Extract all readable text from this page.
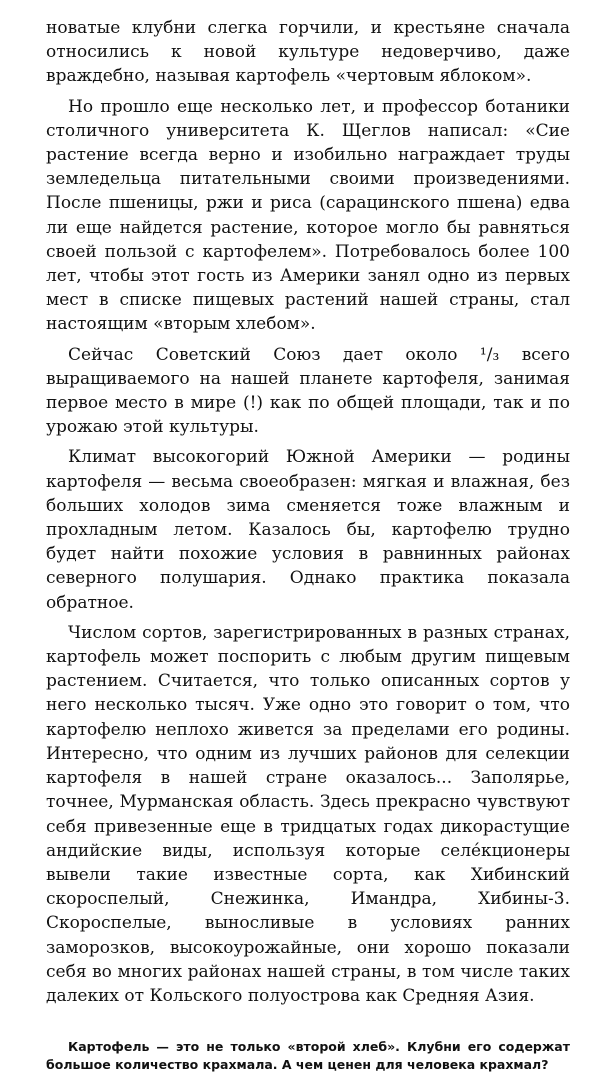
новатые клубни слегка горчили, и крестьяне сначала относились к новой культуре недоверчиво, даже враждебно, называя картофель «чертовым яблоком».

Но прошло еще несколько лет, и профессор ботаники столичного университета К. Щеглов написал: «Сие растение всегда верно и изобильно награждает труды земледельца питательными своими произведениями. После пшеницы, ржи и риса (сарацинского пшена) едва ли еще найдется растение, которое могло бы равняться своей пользой с картофелем». Потребовалось более 100 лет, чтобы этот гость из Америки занял одно из первых мест в списке пищевых растений нашей страны, стал настоящим «вторым хлебом».

Сейчас Советский Союз дает около ¹/₃ всего выращиваемого на нашей планете картофеля, занимая первое место в мире (!) как по общей площади, так и по урожаю этой культуры.

Климат высокогорий Южной Америки — родины картофеля — весьма своеобразен: мягкая и влажная, без больших холодов зима сменяется тоже влажным и прохладным летом. Казалось бы, картофелю трудно будет найти похожие условия в равнинных районах северного полушария. Однако практика показала обратное.

Числом сортов, зарегистрированных в разных странах, картофель может поспорить с любым другим пищевым растением. Считается, что только описанных сортов у него несколько тысяч. Уже одно это говорит о том, что картофелю неплохо живется за пределами его родины. Интересно, что одним из лучших районов для селекции картофеля в нашей стране оказалось... Заполярье, точнее, Мурманская область. Здесь прекрасно чувствуют себя привезенные еще в тридцатых годах дикорастущие андийские виды, используя которые селе́кционеры вывели такие известные сорта, как Хибинский скороспелый, Снежинка, Имандра, Хибины-3. Скороспелые, выносливые в условиях ранних заморозков, высокоурожайные, они хорошо показали себя во многих районах нашей страны, в том числе таких далеких от Кольского полуострова как Средняя Азия.

Картофель — это не только «второй хлеб». Клубни его содержат большое количество крахмала. А чем ценен для человека крахмал?
